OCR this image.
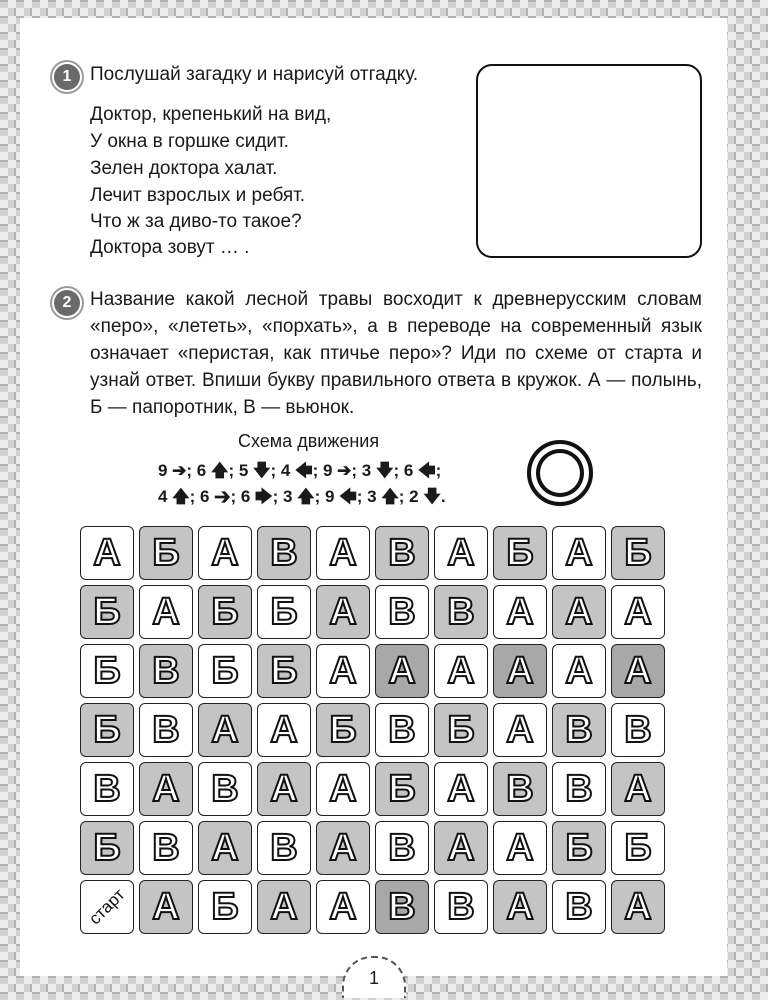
1 Послушай загадку и нарисуй отгадку.
Доктор, крепенький на вид,
У окна в горшке сидит.
Зелен доктора халат.
Лечит взрослых и ребят.
Что ж за диво-то такое?
Доктора зовут … .
2 Название какой лесной травы восходит к древнерусским словам «перо», «лететь», «порхать», а в переводе на современный язык означает «перистая, как птичье перо»? Иди по схеме от старта и узнай ответ. Впиши букву правильного ответа в кружок. А — полынь, Б — папоротник, В — вьюнок.
Схема движения
9 ➔; 6 🡅; 5 🡇; 4 🡄; 9 ➔; 3 🡇; 6 🡄;
4 🡅; 6 ➔; 6 🡆; 3 🡅; 9 🡄; 3 🡅; 2 🡇.
А Б А В А В А Б А Б
Б А Б Б А В В А А А
Б В Б Б А А А А А А
Б В А А Б В Б А В В
В А В А А Б А В В А
Б В А В А В А А Б Б
старт А Б А А В В А В А
1
